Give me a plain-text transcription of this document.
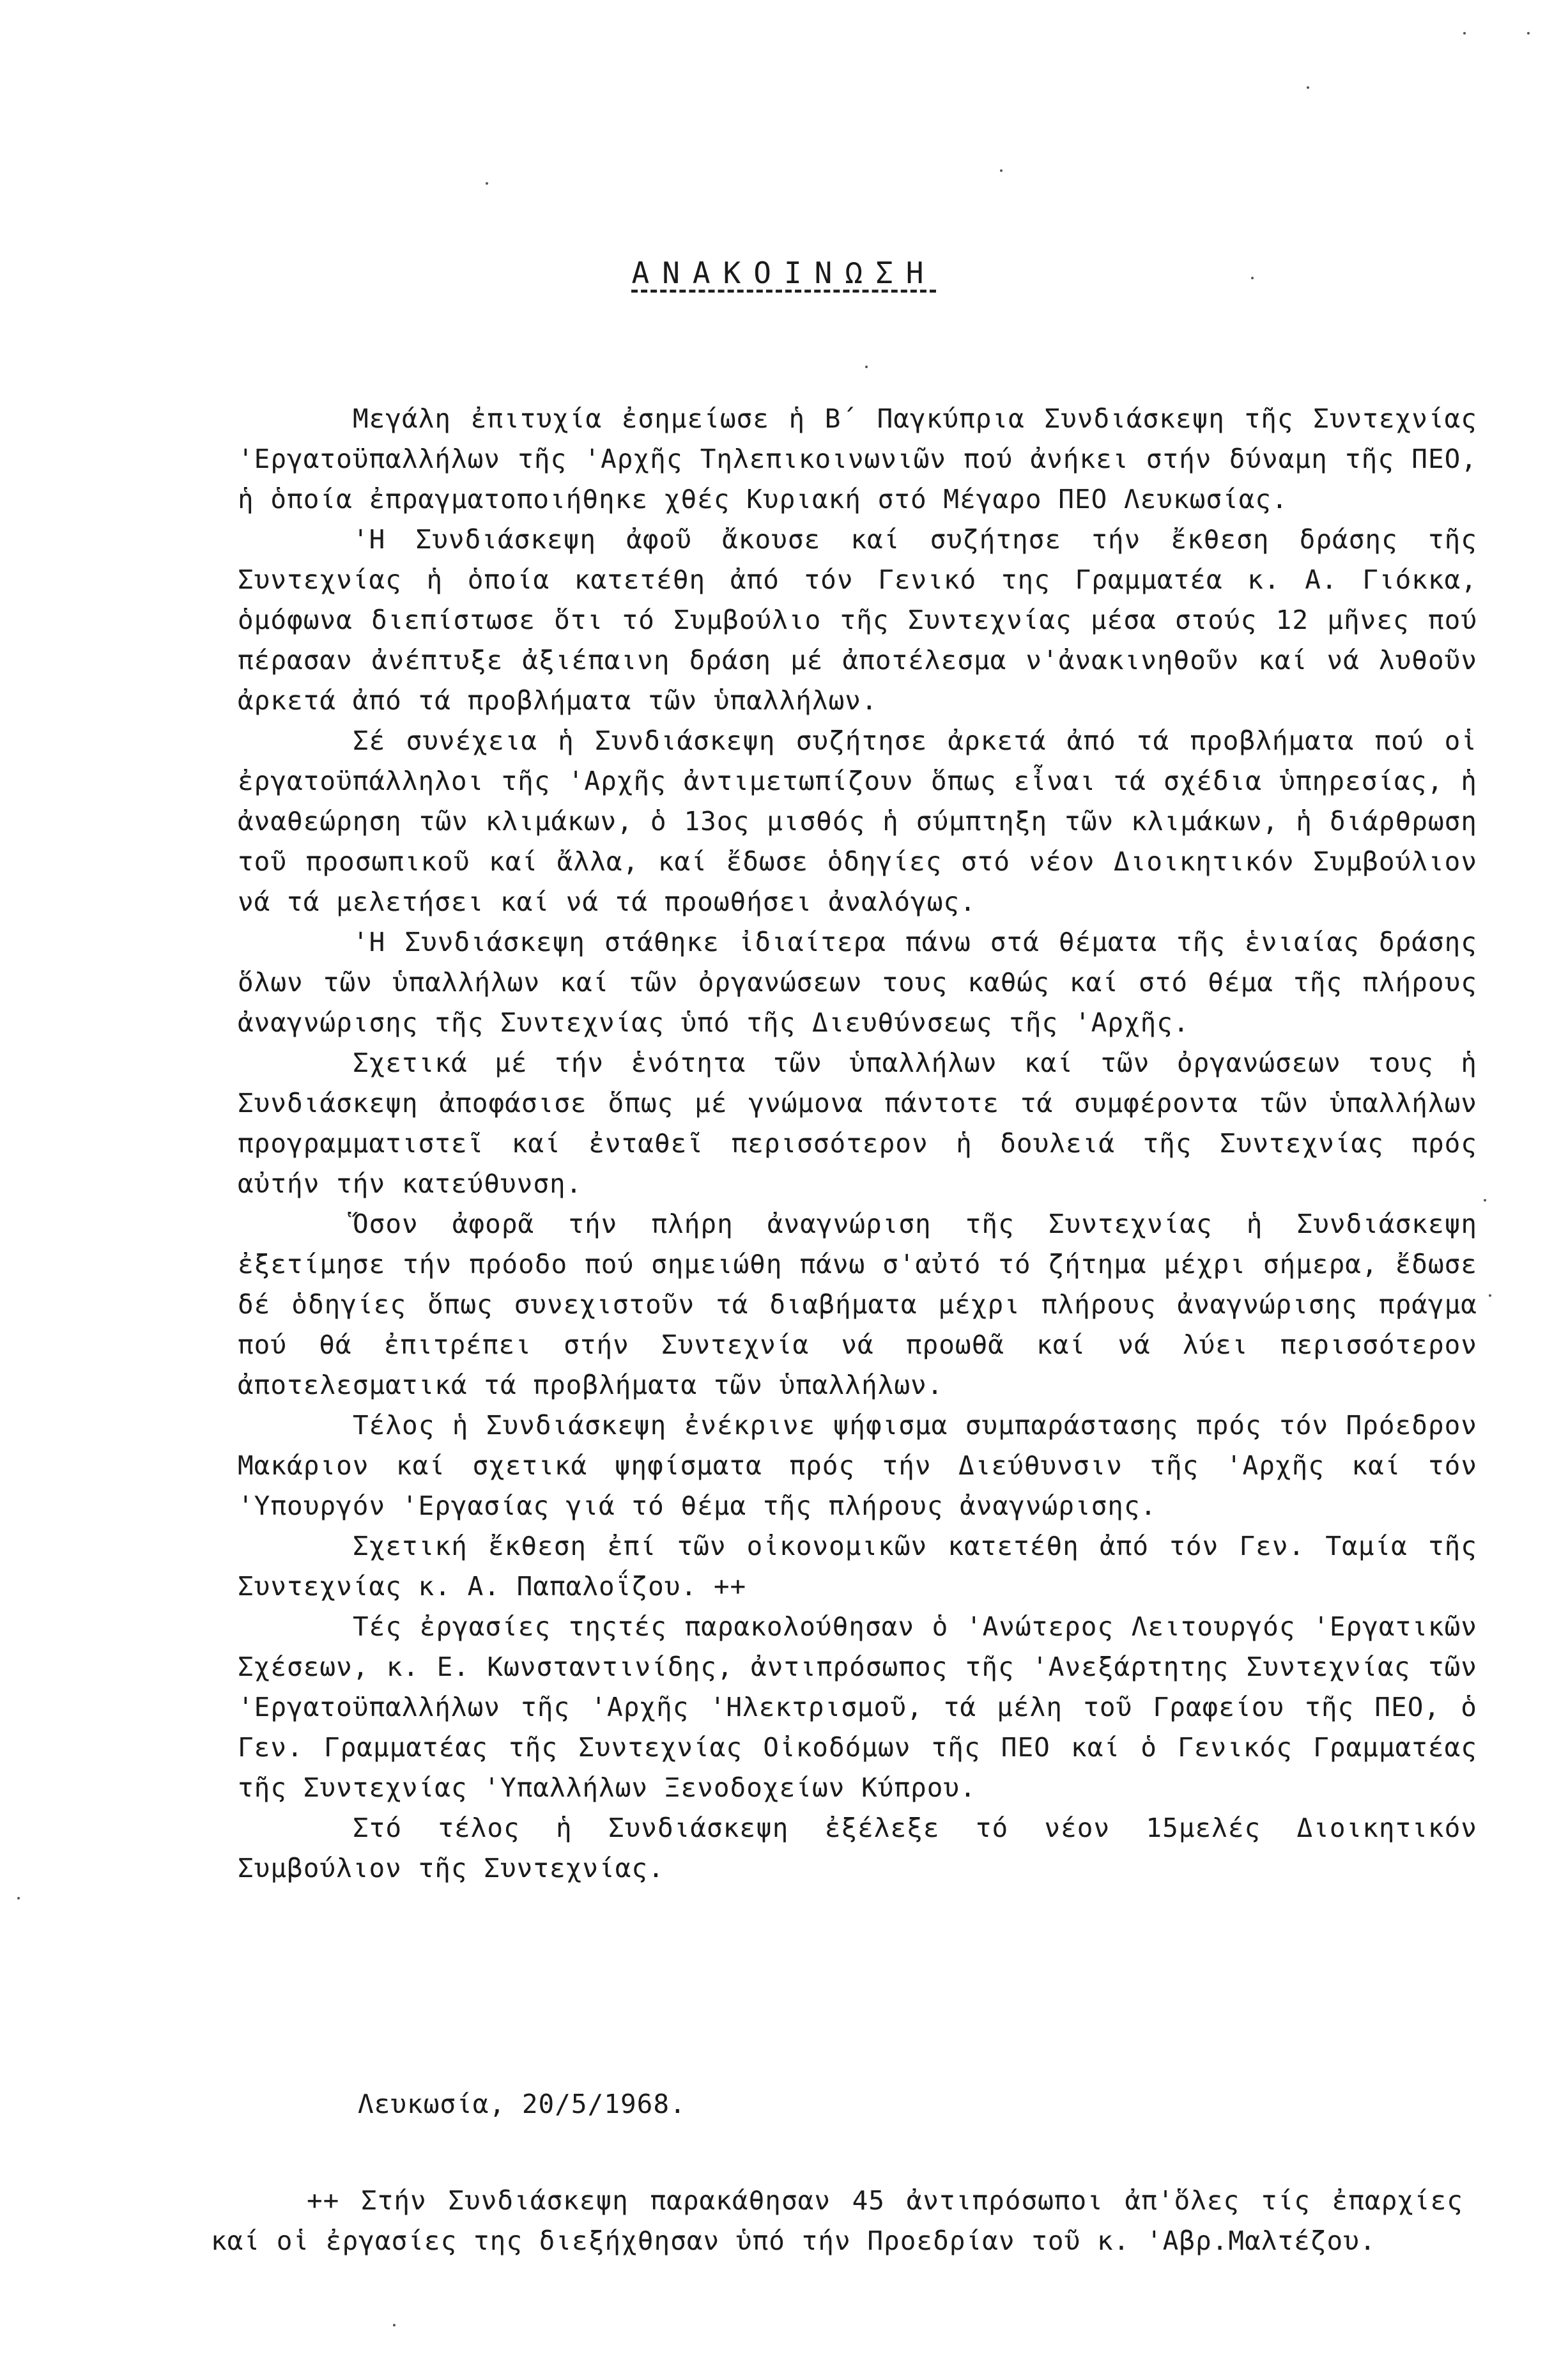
ΑΝΑΚΟΙΝΩΣΗ

Μεγάλη ἐπιτυχία ἐσημείωσε ἡ Β΄ Παγκύπρια Συνδιάσκεψη τῆς Συντεχνίας 'Εργατοϋπαλλήλων τῆς 'Αρχῆς Τηλεπικοινωνιῶν πού ἀνήκει στήν δύναμη τῆς ΠΕΟ, ἡ ὁποία ἐπραγματοποιήθηκε χθές Κυριακή στό Μέγαρο ΠΕΟ Λευκωσίας.

'Η Συνδιάσκεψη ἀφοῦ ἄκουσε καί συζήτησε τήν ἔκθεση δράσης τῆς Συντεχνίας ἡ ὁποία κατετέθη ἀπό τόν Γενικό της Γραμματέα κ. Α. Γιόκκα, ὁμόφωνα διεπίστωσε ὅτι τό Συμβούλιο τῆς Συντεχνίας μέσα στούς 12 μῆνες πού πέρασαν ἀνέπτυξε ἀξιέπαινη δράση μέ ἀποτέλεσμα ν'ἀνακινηθοῦν καί νά λυθοῦν ἀρκετά ἀπό τά προβλήματα τῶν ὑπαλλήλων.

Σέ συνέχεια ἡ Συνδιάσκεψη συζήτησε ἀρκετά ἀπό τά προβλήματα πού οἱ ἐργατοϋπάλληλοι τῆς 'Αρχῆς ἀντιμετωπίζουν ὅπως εἶναι τά σχέδια ὑπηρεσίας, ἡ ἀναθεώρηση τῶν κλιμάκων, ὁ 13ος μισθός ἡ σύμπτηξη τῶν κλιμάκων, ἡ διάρθρωση τοῦ προσωπικοῦ καί ἄλλα, καί ἔδωσε ὁδηγίες στό νέον Διοικητικόν Συμβούλιον νά τά μελετήσει καί νά τά προωθήσει ἀναλόγως.

'Η Συνδιάσκεψη στάθηκε ἰδιαίτερα πάνω στά θέματα τῆς ἑνιαίας δράσης ὅλων τῶν ὑπαλλήλων καί τῶν ὀργανώσεων τους καθώς καί στό θέμα τῆς πλήρους ἀναγνώρισης τῆς Συντεχνίας ὑπό τῆς Διευθύνσεως τῆς 'Αρχῆς.

Σχετικά μέ τήν ἑνότητα τῶν ὑπαλλήλων καί τῶν ὀργανώσεων τους ἡ Συνδιάσκεψη ἀποφάσισε ὅπως μέ γνώμονα πάντοτε τά συμφέροντα τῶν ὑπαλλήλων προγραμματιστεῖ καί ἐνταθεῖ περισσότερον ἡ δουλειά τῆς Συντεχνίας πρός αὐτήν τήν κατεύθυνση.

Ὅσον ἀφορᾶ τήν πλήρη ἀναγνώριση τῆς Συντεχνίας ἡ Συνδιάσκεψη ἐξετίμησε τήν πρόοδο πού σημειώθη πάνω σ'αὐτό τό ζήτημα μέχρι σήμερα, ἔδωσε δέ ὁδηγίες ὅπως συνεχιστοῦν τά διαβήματα μέχρι πλήρους ἀναγνώρισης πράγμα πού θά ἐπιτρέπει στήν Συντεχνία νά προωθᾶ καί νά λύει περισσότερον ἀποτελεσματικά τά προβλήματα τῶν ὑπαλλήλων.

Τέλος ἡ Συνδιάσκεψη ἐνέκρινε ψήφισμα συμπαράστασης πρός τόν Πρόεδρον Μακάριον καί σχετικά ψηφίσματα πρός τήν Διεύθυνσιν τῆς 'Αρχῆς καί τόν 'Υπουργόν 'Εργασίας γιά τό θέμα τῆς πλήρους ἀναγνώρισης.

Σχετική ἔκθεση ἐπί τῶν οἰκονομικῶν κατετέθη ἀπό τόν Γεν. Ταμία τῆς Συντεχνίας κ. Α. Παπαλοΐζου. ++

Τές ἐργασίες τηςτές παρακολούθησαν ὁ 'Ανώτερος Λειτουργός 'Εργατικῶν Σχέσεων, κ. Ε. Κωνσταντινίδης, ἀντιπρόσωπος τῆς 'Ανεξάρτητης Συντεχνίας τῶν 'Εργατοϋπαλλήλων τῆς 'Αρχῆς 'Ηλεκτρισμοῦ, τά μέλη τοῦ Γραφείου τῆς ΠΕΟ, ὁ Γεν. Γραμματέας τῆς Συντεχνίας Οἰκοδόμων τῆς ΠΕΟ καί ὁ Γενικός Γραμματέας τῆς Συντεχνίας 'Υπαλλήλων Ξενοδοχείων Κύπρου.

Στό τέλος ἡ Συνδιάσκεψη ἐξέλεξε τό νέον 15μελές Διοικητικόν Συμβούλιον τῆς Συντεχνίας.

Λευκωσία, 20/5/1968.
++ Στήν Συνδιάσκεψη παρακάθησαν 45 ἀντιπρόσωποι ἀπ'ὅλες τίς ἐπαρχίες καί οἱ ἐργασίες της διεξήχθησαν ὑπό τήν Προεδρίαν τοῦ κ. 'Αβρ.Μαλτέζου.
